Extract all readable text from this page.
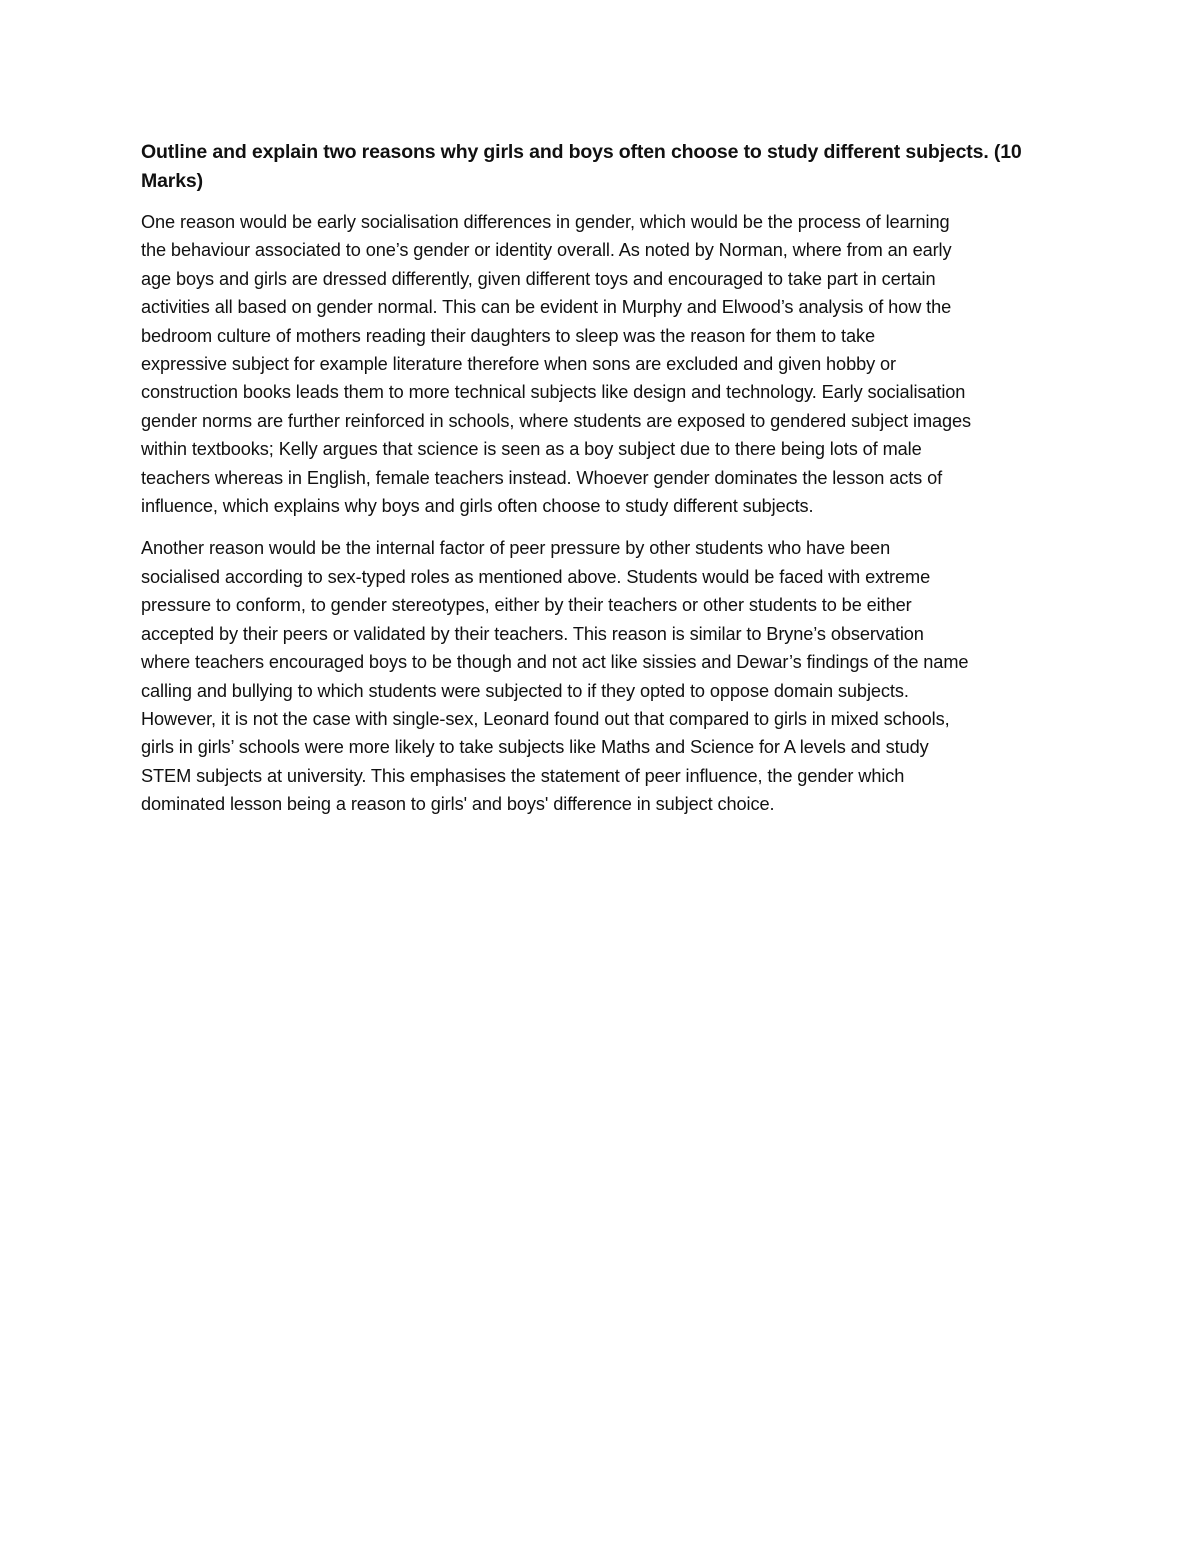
Outline and explain two reasons why girls and boys often choose to study different subjects. (10
Marks)
One reason would be early socialisation differences in gender, which would be the process of learning
the behaviour associated to one’s gender or identity overall. As noted by Norman, where from an early
age boys and girls are dressed differently, given different toys and encouraged to take part in certain
activities all based on gender normal. This can be evident in Murphy and Elwood’s analysis of how the
bedroom culture of mothers reading their daughters to sleep was the reason for them to take
expressive subject for example literature therefore when sons are excluded and given hobby or
construction books leads them to more technical subjects like design and technology. Early socialisation
gender norms are further reinforced in schools, where students are exposed to gendered subject images
within textbooks; Kelly argues that science is seen as a boy subject due to there being lots of male
teachers whereas in English, female teachers instead. Whoever gender dominates the lesson acts of
influence, which explains why boys and girls often choose to study different subjects.
Another reason would be the internal factor of peer pressure by other students who have been
socialised according to sex-typed roles as mentioned above. Students would be faced with extreme
pressure to conform, to gender stereotypes, either by their teachers or other students to be either
accepted by their peers or validated by their teachers. This reason is similar to Bryne’s observation
where teachers encouraged boys to be though and not act like sissies and Dewar’s findings of the name
calling and bullying to which students were subjected to if they opted to oppose domain subjects.
However, it is not the case with single-sex, Leonard found out that compared to girls in mixed schools,
girls in girls’ schools were more likely to take subjects like Maths and Science for A levels and study
STEM subjects at university. This emphasises the statement of peer influence, the gender which
dominated lesson being a reason to girls' and boys' difference in subject choice.
